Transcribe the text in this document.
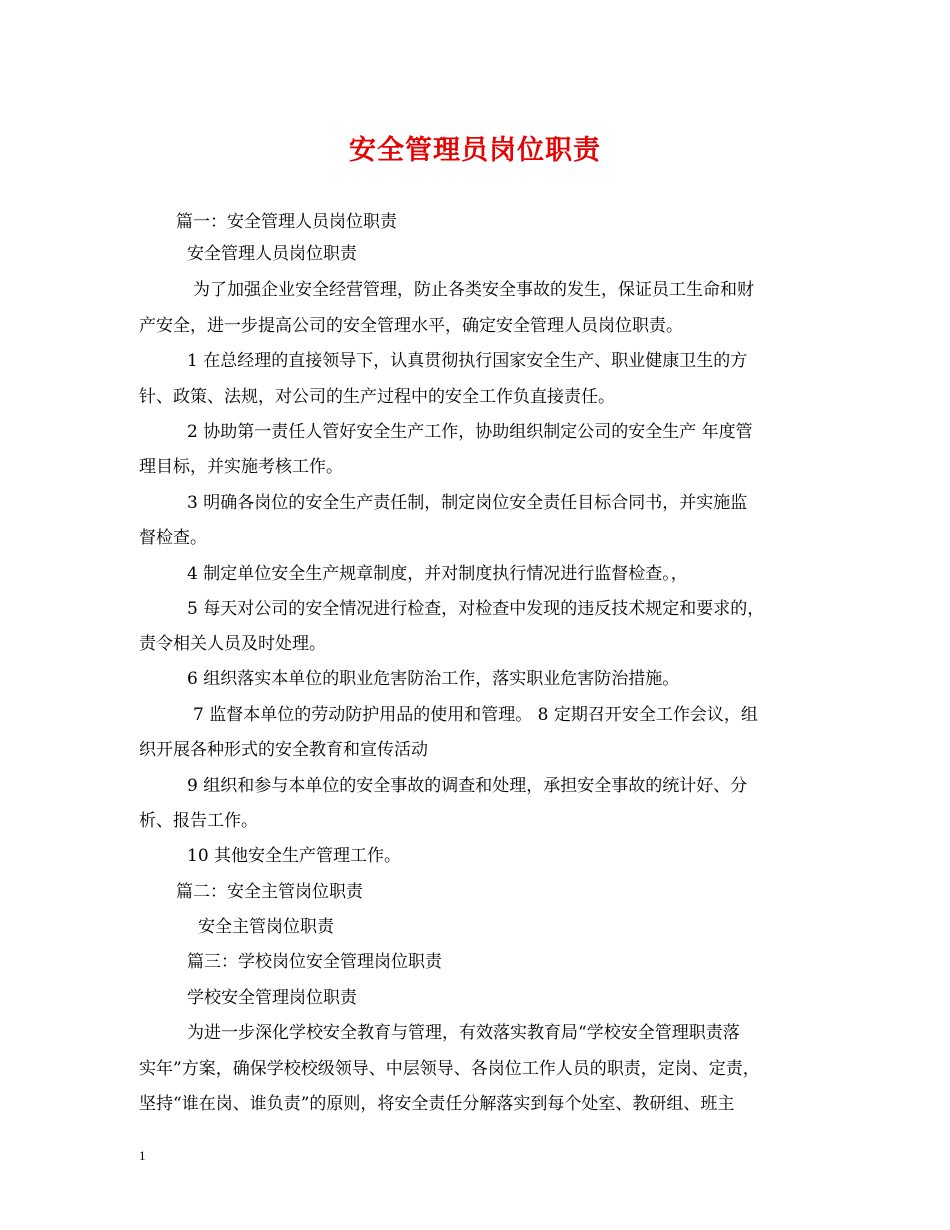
安全管理员岗位职责
篇一：安全管理人员岗位职责
安全管理人员岗位职责
为了加强企业安全经营管理，防止各类安全事故的发生，保证员工生命和财
产安全，进一步提高公司的安全管理水平，确定安全管理人员岗位职责。
1 在总经理的直接领导下，认真贯彻执行国家安全生产、职业健康卫生的方
针、政策、法规，对公司的生产过程中的安全工作负直接责任。
2 协助第一责任人管好安全生产工作，协助组织制定公司的安全生产 年度管
理目标，并实施考核工作。
3 明确各岗位的安全生产责任制，制定岗位安全责任目标合同书，并实施监
督检查。
4 制定单位安全生产规章制度，并对制度执行情况进行监督检查。，
5 每天对公司的安全情况进行检查，对检查中发现的违反技术规定和要求的，
责令相关人员及时处理。
6 组织落实本单位的职业危害防治工作，落实职业危害防治措施。
7 监督本单位的劳动防护用品的使用和管理。 8 定期召开安全工作会议，组
织开展各种形式的安全教育和宣传活动
9 组织和参与本单位的安全事故的调查和处理，承担安全事故的统计好、分
析、报告工作。
10 其他安全生产管理工作。
篇二：安全主管岗位职责
安全主管岗位职责
篇三：学校岗位安全管理岗位职责
学校安全管理岗位职责
为进一步深化学校安全教育与管理，有效落实教育局“学校安全管理职责落
实年”方案，确保学校校级领导、中层领导、各岗位工作人员的职责，定岗、定责，
坚持“谁在岗、谁负责”的原则，将安全责任分解落实到每个处室、教研组、班主
1
